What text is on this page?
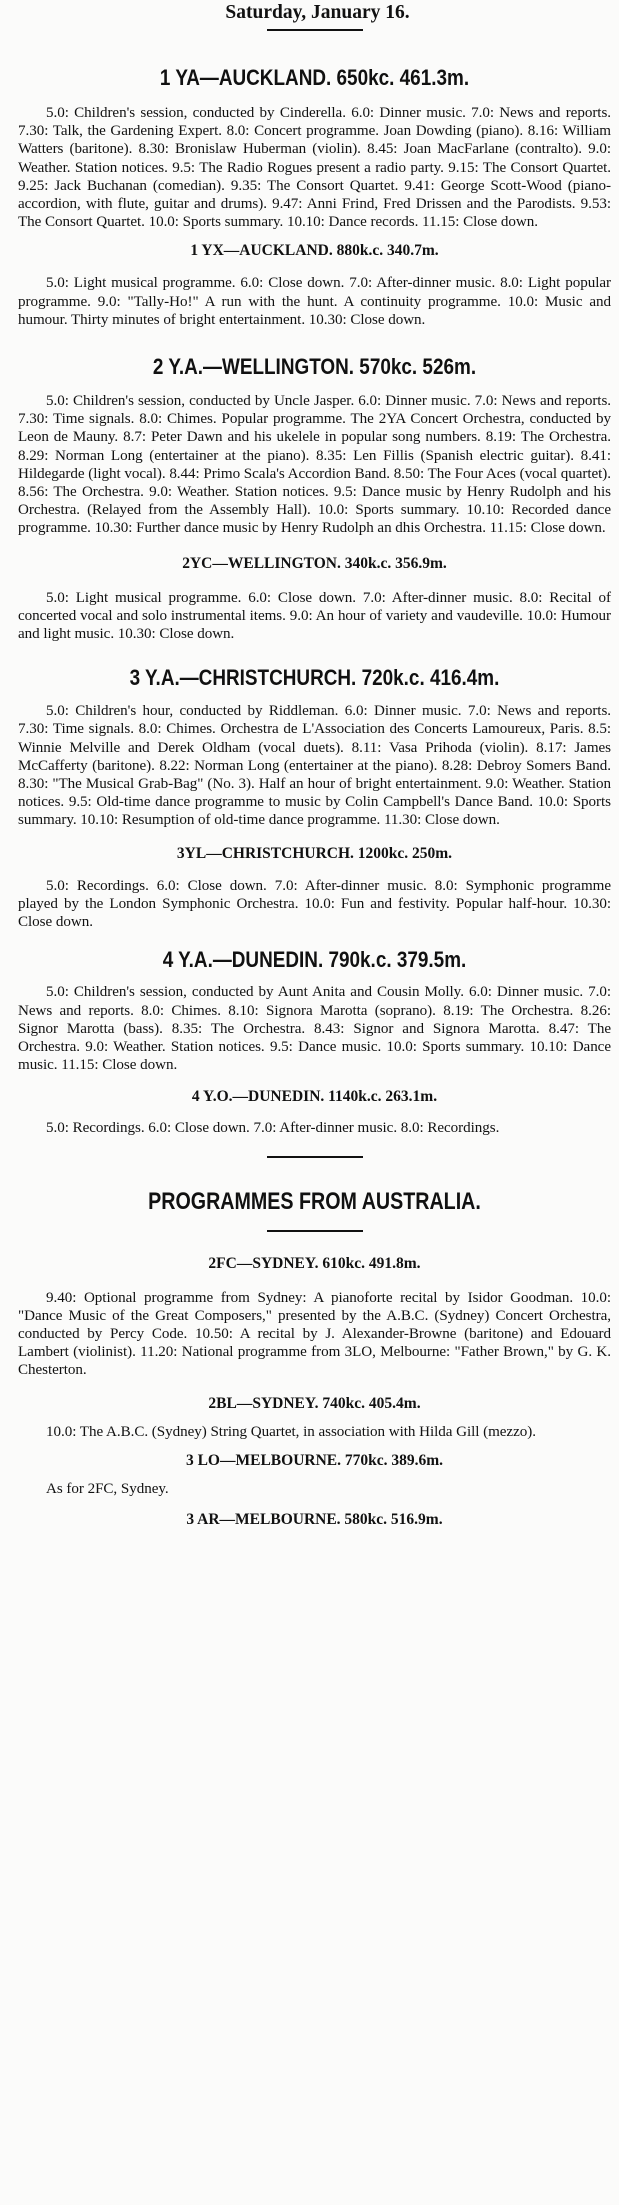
Saturday, January 16.
1 YA—AUCKLAND. 650kc. 461.3m.

5.0: Children's session, conducted by Cinderella. 6.0: Dinner music. 7.0: News and reports. 7.30: Talk, the Gardening Expert. 8.0: Concert programme. Joan Dowding (piano). 8.16: William Watters (baritone). 8.30: Bronislaw Huberman (violin). 8.45: Joan MacFarlane (contralto). 9.0: Weather. Station notices. 9.5: The Radio Rogues present a radio party. 9.15: The Consort Quartet. 9.25: Jack Buchanan (comedian). 9.35: The Consort Quartet. 9.41: George Scott-Wood (piano-accordion, with flute, guitar and drums). 9.47: Anni Frind, Fred Drissen and the Parodists. 9.53: The Consort Quartet. 10.0: Sports summary. 10.10: Dance records. 11.15: Close down.

1 YX—AUCKLAND. 880k.c. 340.7m.

5.0: Light musical programme. 6.0: Close down. 7.0: After-dinner music. 8.0: Light popular programme. 9.0: "Tally-Ho!" A run with the hunt. A continuity programme. 10.0: Music and humour. Thirty minutes of bright entertainment. 10.30: Close down.

2 Y.A.—WELLINGTON. 570kc. 526m.

5.0: Children's session, conducted by Uncle Jasper. 6.0: Dinner music. 7.0: News and reports. 7.30: Time signals. 8.0: Chimes. Popular programme. The 2YA Concert Orchestra, conducted by Leon de Mauny. 8.7: Peter Dawn and his ukelele in popular song numbers. 8.19: The Orchestra. 8.29: Norman Long (entertainer at the piano). 8.35: Len Fillis (Spanish electric guitar). 8.41: Hildegarde (light vocal). 8.44: Primo Scala's Accordion Band. 8.50: The Four Aces (vocal quartet). 8.56: The Orchestra. 9.0: Weather. Station notices. 9.5: Dance music by Henry Rudolph and his Orchestra. (Relayed from the Assembly Hall). 10.0: Sports summary. 10.10: Recorded dance programme. 10.30: Further dance music by Henry Rudolph an dhis Orchestra. 11.15: Close down.

2YC—WELLINGTON. 340k.c. 356.9m.

5.0: Light musical programme. 6.0: Close down. 7.0: After-dinner music. 8.0: Recital of concerted vocal and solo instrumental items. 9.0: An hour of variety and vaudeville. 10.0: Humour and light music. 10.30: Close down.

3 Y.A.—CHRISTCHURCH. 720k.c. 416.4m.

5.0: Children's hour, conducted by Riddleman. 6.0: Dinner music. 7.0: News and reports. 7.30: Time signals. 8.0: Chimes. Orchestra de L'Association des Concerts Lamoureux, Paris. 8.5: Winnie Melville and Derek Oldham (vocal duets). 8.11: Vasa Prihoda (violin). 8.17: James McCafferty (baritone). 8.22: Norman Long (entertainer at the piano). 8.28: Debroy Somers Band. 8.30: "The Musical Grab-Bag" (No. 3). Half an hour of bright entertainment. 9.0: Weather. Station notices. 9.5: Old-time dance programme to music by Colin Campbell's Dance Band. 10.0: Sports summary. 10.10: Resumption of old-time dance programme. 11.30: Close down.

3YL—CHRISTCHURCH. 1200kc. 250m.

5.0: Recordings. 6.0: Close down. 7.0: After-dinner music. 8.0: Symphonic programme played by the London Symphonic Orchestra. 10.0: Fun and festivity. Popular half-hour. 10.30: Close down.

4 Y.A.—DUNEDIN. 790k.c. 379.5m.

5.0: Children's session, conducted by Aunt Anita and Cousin Molly. 6.0: Dinner music. 7.0: News and reports. 8.0: Chimes. 8.10: Signora Marotta (soprano). 8.19: The Orchestra. 8.26: Signor Marotta (bass). 8.35: The Orchestra. 8.43: Signor and Signora Marotta. 8.47: The Orchestra. 9.0: Weather. Station notices. 9.5: Dance music. 10.0: Sports summary. 10.10: Dance music. 11.15: Close down.

4 Y.O.—DUNEDIN. 1140k.c. 263.1m.

5.0: Recordings. 6.0: Close down. 7.0: After-dinner music. 8.0: Recordings.

PROGRAMMES FROM AUSTRALIA.
2FC—SYDNEY. 610kc. 491.8m.

9.40: Optional programme from Sydney: A pianoforte recital by Isidor Goodman. 10.0: "Dance Music of the Great Composers," presented by the A.B.C. (Sydney) Concert Orchestra, conducted by Percy Code. 10.50: A recital by J. Alexander-Browne (baritone) and Edouard Lambert (violinist). 11.20: National programme from 3LO, Melbourne: "Father Brown," by G. K. Chesterton.

2BL—SYDNEY. 740kc. 405.4m.

10.0: The A.B.C. (Sydney) String Quartet, in association with Hilda Gill (mezzo).

3 LO—MELBOURNE. 770kc. 389.6m.

As for 2FC, Sydney.

3 AR—MELBOURNE. 580kc. 516.9m.
